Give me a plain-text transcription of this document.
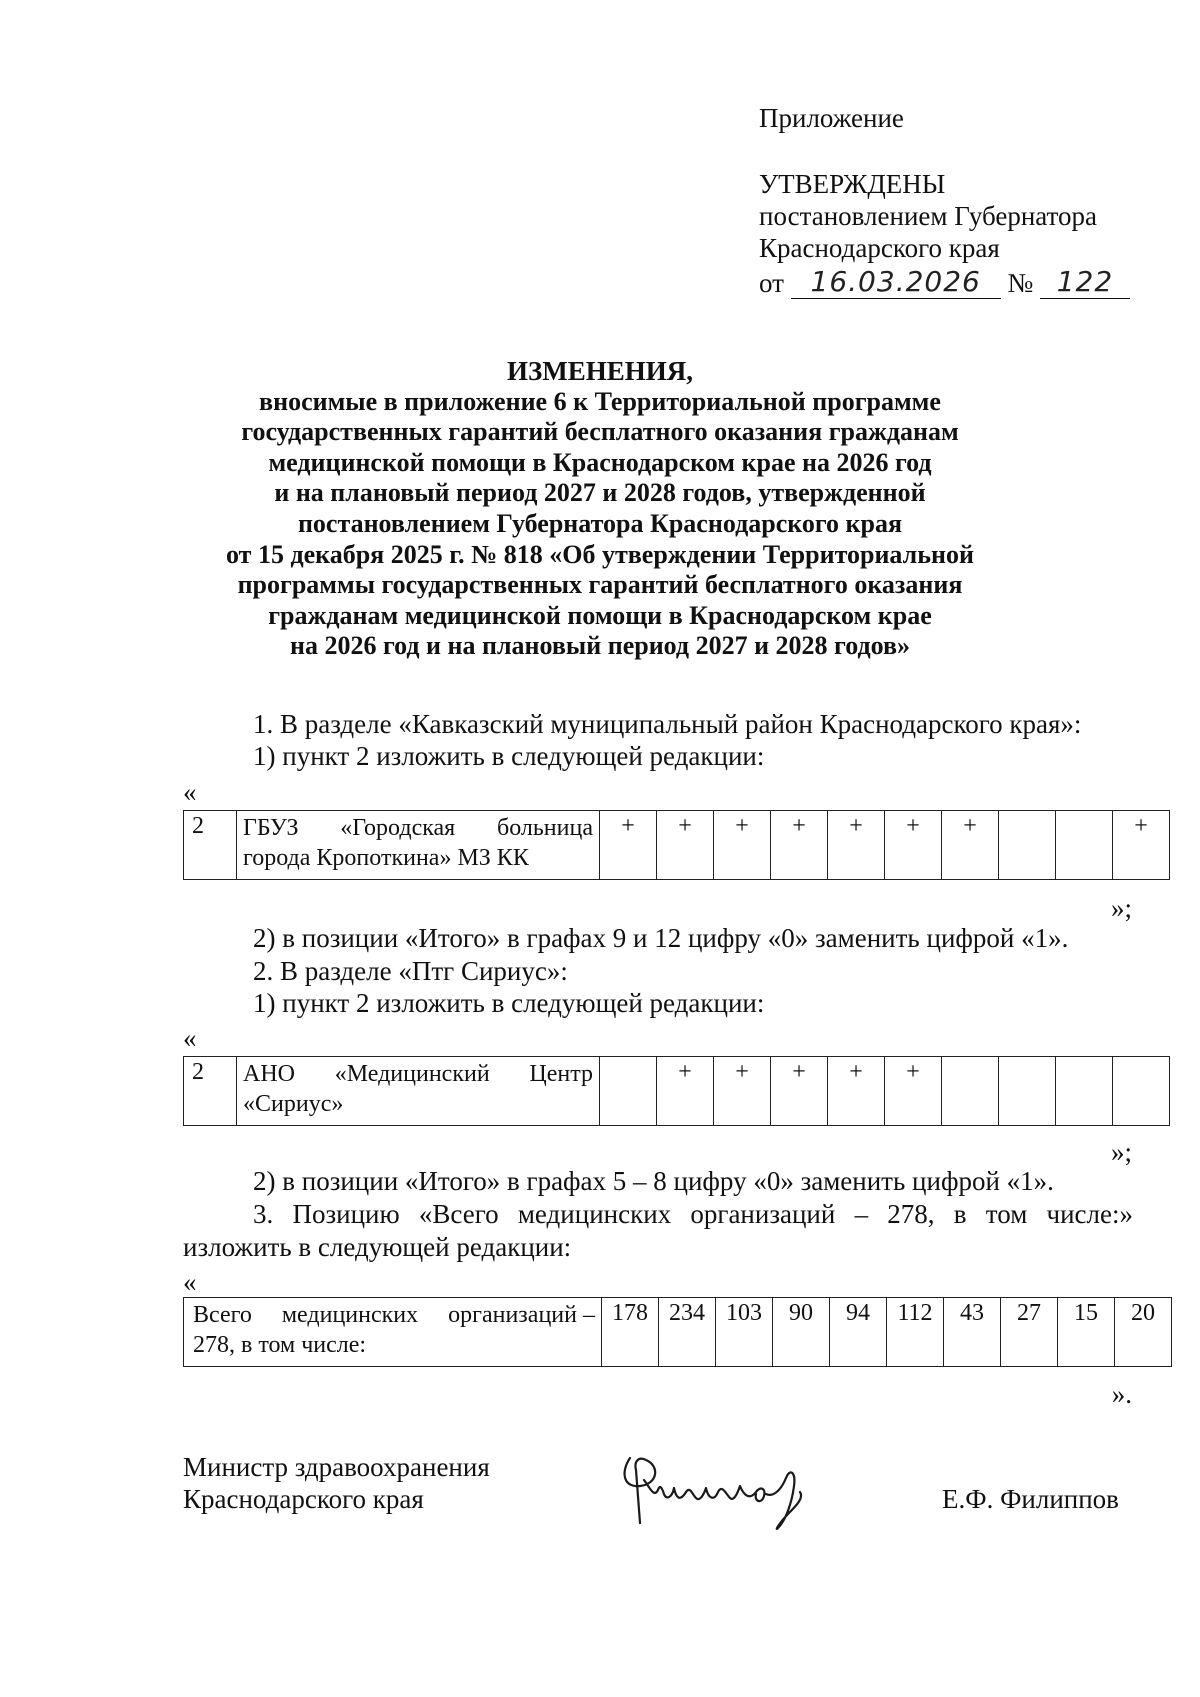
Приложение
УТВЕРЖДЕНЫ
постановлением Губернатора
Краснодарского края
от 16.03.2026 № 122
ИЗМЕНЕНИЯ,
вносимые в приложение 6 к Территориальной программе
государственных гарантий бесплатного оказания гражданам
медицинской помощи в Краснодарском крае на 2026 год
и на плановый период 2027 и 2028 годов, утвержденной
постановлением Губернатора Краснодарского края
от 15 декабря 2025 г. № 818 «Об утверждении Территориальной
программы государственных гарантий бесплатного оказания
гражданам медицинской помощи в Краснодарском крае
на 2026 год и на плановый период 2027 и 2028 годов»
1. В разделе «Кавказский муниципальный район Краснодарского края»:
1) пункт 2 изложить в следующей редакции:
«
2	ГБУЗ «Городская больница
города Кропоткина» МЗ КК
	+	+	+	+	+	+	+			+
»;
2) в позиции «Итого» в графах 9 и 12 цифру «0» заменить цифрой «1».
2. В разделе «Птг Сириус»:
1) пункт 2 изложить в следующей редакции:
«
2	АНО «Медицинский Центр
«Сириус»
		+	+	+	+	+				
»;
2) в позиции «Итого» в графах 5 – 8 цифру «0» заменить цифрой «1».
3. Позицию «Всего медицинских организаций – 278, в том числе:»
изложить в следующей редакции:
«
Всего медицинских организаций –
278, в том числе:
	178	234	103	90	94	112	43	27	15	20
».
Министр здравоохранения
Краснодарского края	Е.Ф. Филиппов
